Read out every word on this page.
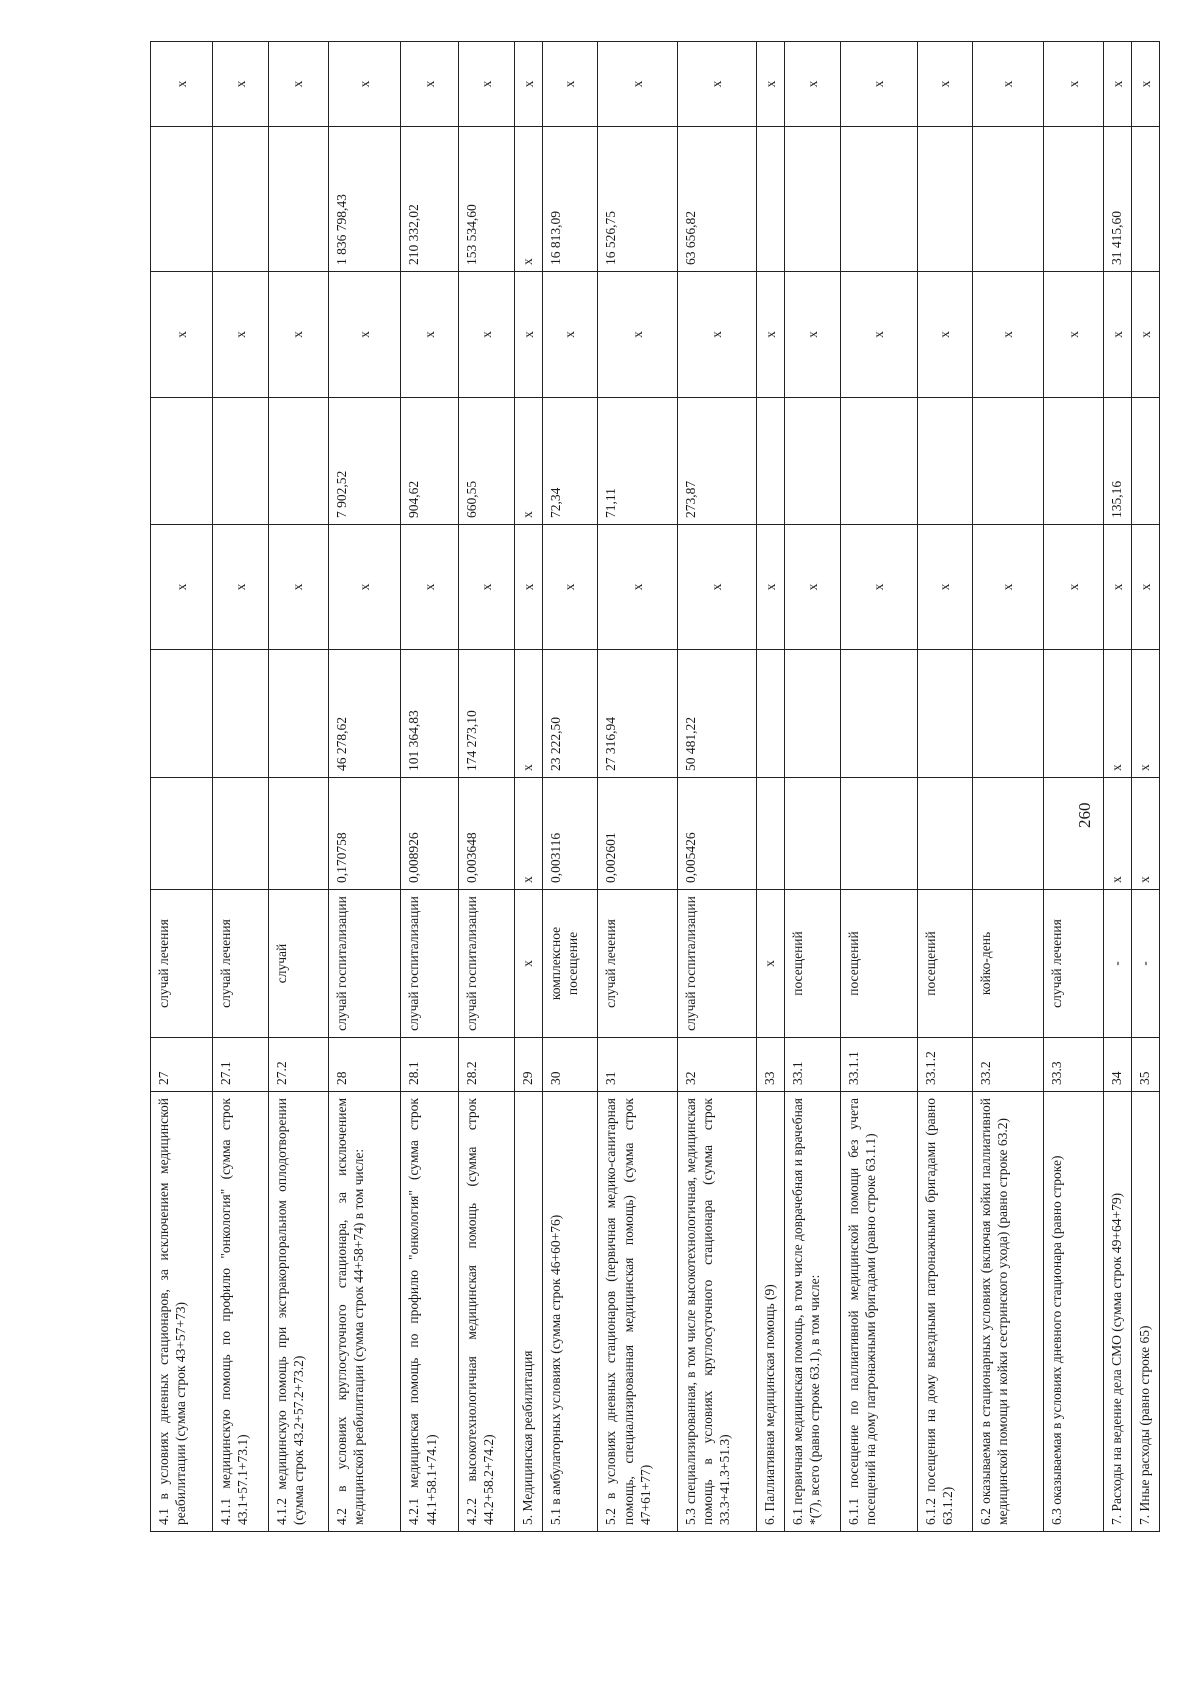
4.1 в условиях дневных стационаров, за исключением медицинской реабилитации (сумма строк 43+57+73)	27	случай лечения			х		х		х
4.1.1 медицинскую помощь по профилю "онкология" (сумма строк 43.1+57.1+73.1)	27.1	случай лечения			х		х		х
4.1.2 медицинскую помощь при экстракорпоральном оплодотворении (сумма строк 43.2+57.2+73.2)	27.2	случай			х		х		х
4.2 в условиях круглосуточного стационара, за исключением медицинской реабилитации (сумма строк 44+58+74) в том числе:	28	случай госпитализации	0,170758	46 278,62	х	7 902,52	х	1 836 798,43	х
4.2.1 медицинская помощь по профилю "онкология" (сумма строк 44.1+58.1+74.1)	28.1	случай госпитализации	0,008926	101 364,83	х	904,62	х	210 332,02	х
4.2.2 высокотехнологичная медицинская помощь (сумма строк 44.2+58.2+74.2)	28.2	случай госпитализации	0,003648	174 273,10	х	660,55	х	153 534,60	х
5. Медицинская реабилитация	29	х	х	х	х	х	х	х	х
5.1 в амбулаторных условиях (сумма строк 46+60+76)	30	комплексное посещение	0,003116	23 222,50	х	72,34	х	16 813,09	х
5.2 в условиях дневных стационаров (первичная медико-санитарная помощь, специализированная медицинская помощь) (сумма строк 47+61+77)	31	случай лечения	0,002601	27 316,94	х	71,11	х	16 526,75	х
5.3 специализированная, в том числе высокотехнологичная, медицинская помощь в условиях круглосуточного стационара (сумма строк 33.3+41.3+51.3)	32	случай госпитализации	0,005426	50 481,22	х	273,87	х	63 656,82	х
6. Паллиативная медицинская помощь (9)	33	х			х		х		х
6.1 первичная медицинская помощь, в том числе доврачебная и врачебная *(7), всего (равно строке 63.1), в том числе:	33.1	посещений			х		х		х
6.1.1 посещение по паллиативной медицинской помощи без учета посещений на дому патронажными бригадами (равно строке 63.1.1)	33.1.1	посещений			х		х		х
6.1.2 посещения на дому выездными патронажными бригадами (равно 63.1.2)	33.1.2	посещений			х		х		х
6.2 оказываемая в стационарных условиях (включая койки паллиативной медицинской помощи и койки сестринского ухода) (равно строке 63.2)	33.2	койко-день			х		х		х
6.3 оказываемая в условиях дневного стационара (равно строке)	33.3	случай лечения			х		х		х
7. Расходы на ведение дела СМО (сумма строк 49+64+79)	34	-	х	х	х	135,16	х	31 415,60	х
7. Иные расходы (равно строке 65)	35	-	х	х	х		х		х
260
